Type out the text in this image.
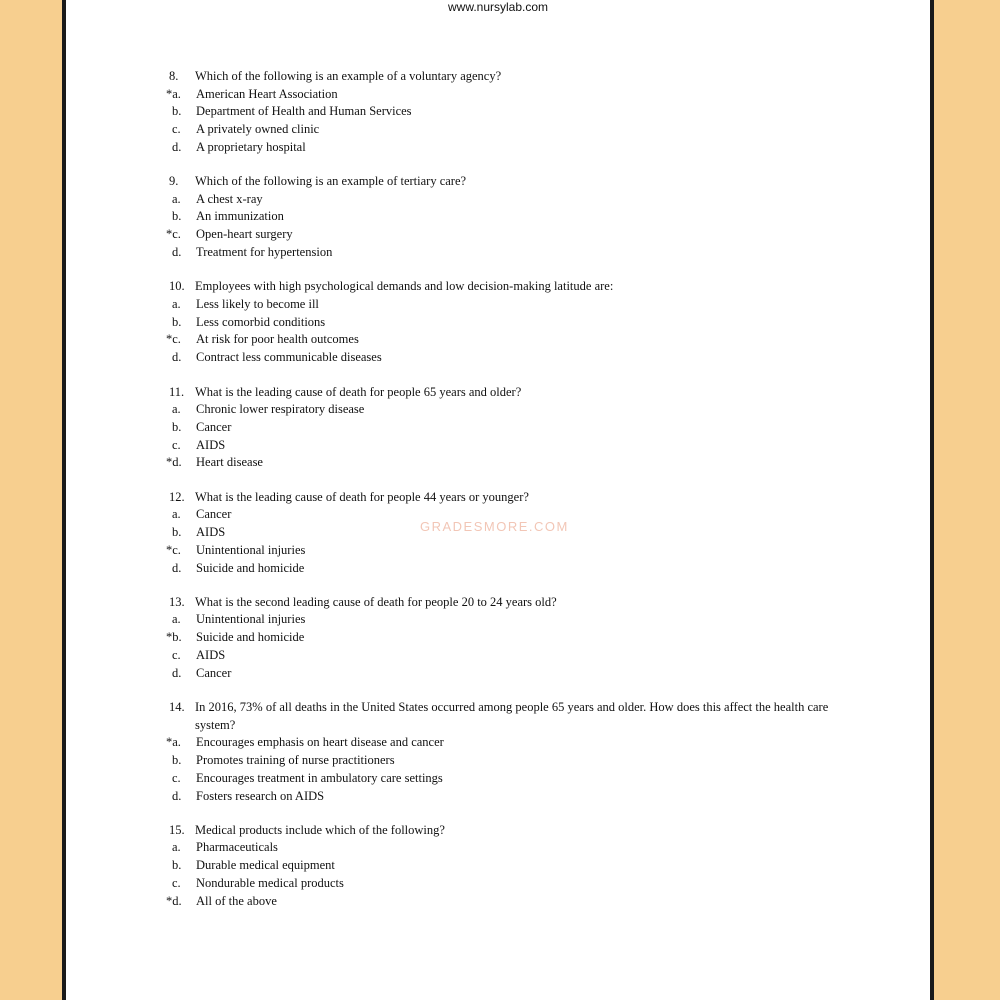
www.nursylab.com
GRADESMORE.COM
8.	Which of the following is an example of a voluntary agency?
*a.	American Heart Association
b.	Department of Health and Human Services
c.	A privately owned clinic
d.	A proprietary hospital
9.	Which of the following is an example of tertiary care?
a.	A chest x-ray
b.	An immunization
*c.	Open-heart surgery
d.	Treatment for hypertension
10. Employees with high psychological demands and low decision-making latitude are:
a.	Less likely to become ill
b.	Less comorbid conditions
*c.	At risk for poor health outcomes
d.	Contract less communicable diseases
11. What is the leading cause of death for people 65 years and older?
a.	Chronic lower respiratory disease
b.	Cancer
c.	AIDS
*d.	Heart disease
12. What is the leading cause of death for people 44 years or younger?
a.	Cancer
b.	AIDS
*c.	Unintentional injuries
d.	Suicide and homicide
13. What is the second leading cause of death for people 20 to 24 years old?
a.	Unintentional injuries
*b.	Suicide and homicide
c.	AIDS
d.	Cancer
14. In 2016, 73% of all deaths in the United States occurred among people 65 years and older. How does this affect the health care system?
*a.	Encourages emphasis on heart disease and cancer
b.	Promotes training of nurse practitioners
c.	Encourages treatment in ambulatory care settings
d.	Fosters research on AIDS
15. Medical products include which of the following?
a.	Pharmaceuticals
b.	Durable medical equipment
c.	Nondurable medical products
*d.	All of the above
